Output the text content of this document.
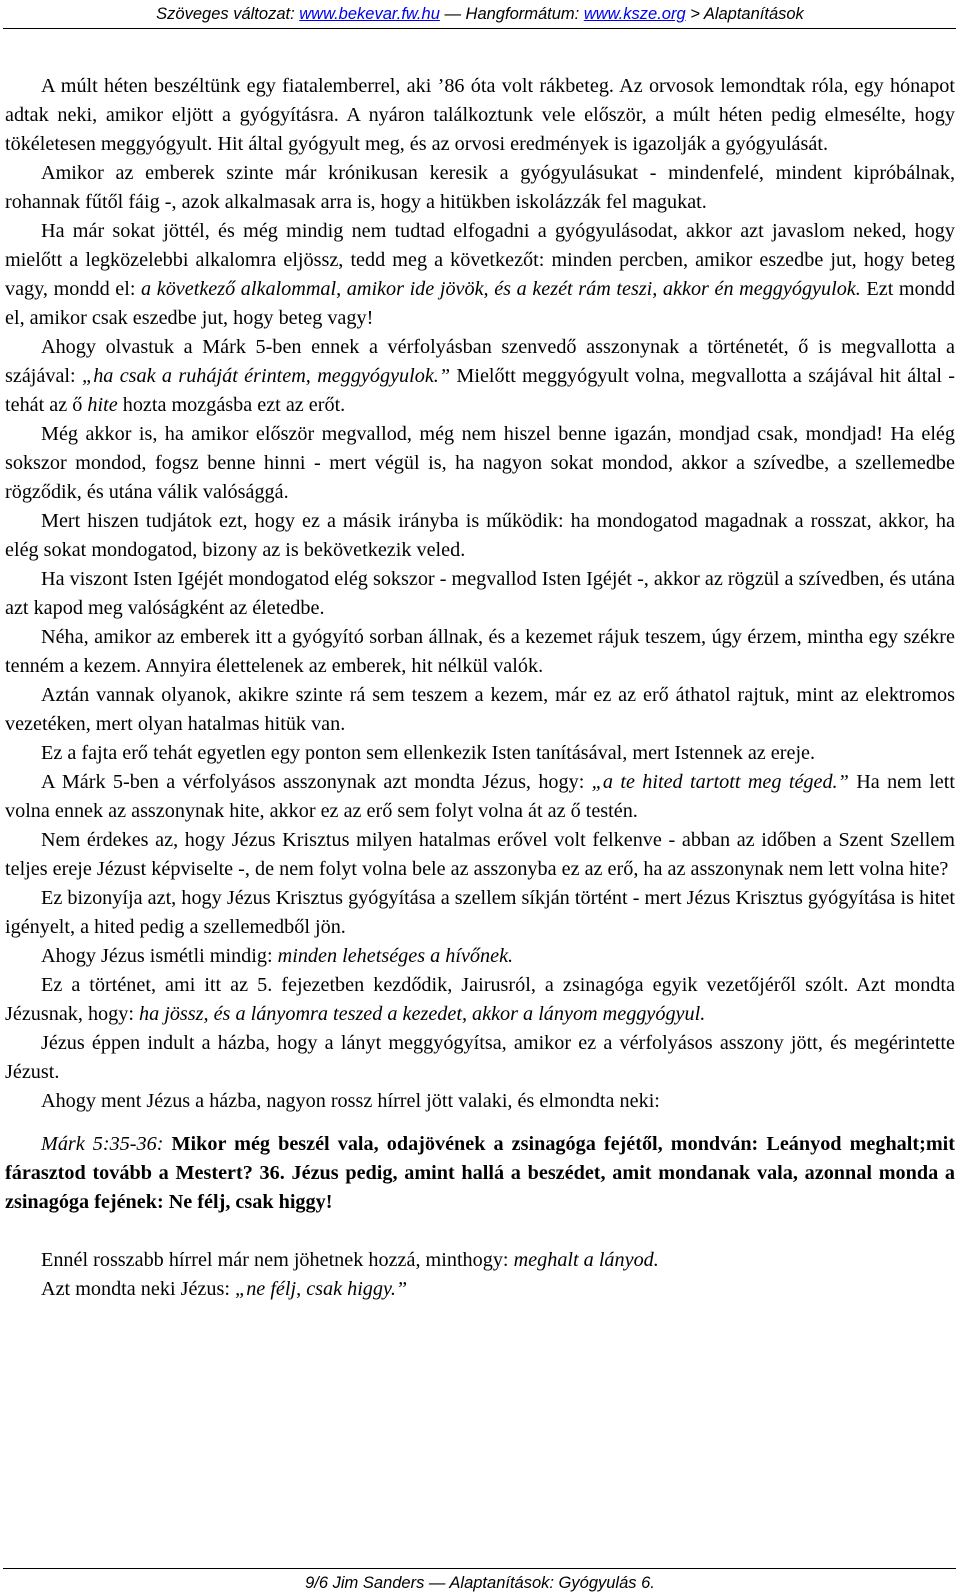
Szöveges változat: www.bekevar.fw.hu — Hangformátum: www.ksze.org > Alaptanítások

A múlt héten beszéltünk egy fiatalemberrel, aki ’86 óta volt rákbeteg. Az orvosok lemondtak róla, egy hónapot adtak neki, amikor eljött a gyógyításra. A nyáron találkoztunk vele először, a múlt héten pedig elmesélte, hogy tökéletesen meggyógyult. Hit által gyógyult meg, és az orvosi eredmények is igazolják a gyógyulását.

Amikor az emberek szinte már krónikusan keresik a gyógyulásukat - mindenfelé, mindent kipróbálnak, rohannak fűtől fáig -, azok alkalmasak arra is, hogy a hitükben iskolázzák fel magukat.

Ha már sokat jöttél, és még mindig nem tudtad elfogadni a gyógyulásodat, akkor azt javaslom neked, hogy mielőtt a legközelebbi alkalomra eljössz, tedd meg a következőt: minden percben, amikor eszedbe jut, hogy beteg vagy, mondd el: a következő alkalommal, amikor ide jövök, és a kezét rám teszi, akkor én meggyógyulok. Ezt mondd el, amikor csak eszedbe jut, hogy beteg vagy!

Ahogy olvastuk a Márk 5-ben ennek a vérfolyásban szenvedő asszonynak a történetét, ő is megvallotta a szájával: „ha csak a ruháját érintem, meggyógyulok.” Mielőtt meggyógyult volna, megvallotta a szájával hit által - tehát az ő hite hozta mozgásba ezt az erőt.

Még akkor is, ha amikor először megvallod, még nem hiszel benne igazán, mondjad csak, mondjad! Ha elég sokszor mondod, fogsz benne hinni - mert végül is, ha nagyon sokat mondod, akkor a szívedbe, a szellemedbe rögződik, és utána válik valósággá.

Mert hiszen tudjátok ezt, hogy ez a másik irányba is működik: ha mondogatod magadnak a rosszat, akkor, ha elég sokat mondogatod, bizony az is bekövetkezik veled.

Ha viszont Isten Igéjét mondogatod elég sokszor - megvallod Isten Igéjét -, akkor az rögzül a szívedben, és utána azt kapod meg valóságként az életedbe.

Néha, amikor az emberek itt a gyógyító sorban állnak, és a kezemet rájuk teszem, úgy érzem, mintha egy székre tenném a kezem. Annyira élettelenek az emberek, hit nélkül valók.

Aztán vannak olyanok, akikre szinte rá sem teszem a kezem, már ez az erő áthatol rajtuk, mint az elektromos vezetéken, mert olyan hatalmas hitük van.

Ez a fajta erő tehát egyetlen egy ponton sem ellenkezik Isten tanításával, mert Istennek az ereje.

A Márk 5-ben a vérfolyásos asszonynak azt mondta Jézus, hogy: „a te hited tartott meg téged.” Ha nem lett volna ennek az asszonynak hite, akkor ez az erő sem folyt volna át az ő testén.

Nem érdekes az, hogy Jézus Krisztus milyen hatalmas erővel volt felkenve - abban az időben a Szent Szellem teljes ereje Jézust képviselte -, de nem folyt volna bele az asszonyba ez az erő, ha az asszonynak nem lett volna hite?

Ez bizonyíja azt, hogy Jézus Krisztus gyógyítása a szellem síkján történt - mert Jézus Krisztus gyógyítása is hitet igényelt, a hited pedig a szellemedből jön.

Ahogy Jézus ismétli mindig: minden lehetséges a hívőnek.

Ez a történet, ami itt az 5. fejezetben kezdődik, Jairusról, a zsinagóga egyik vezetőjéről szólt. Azt mondta Jézusnak, hogy: ha jössz, és a lányomra teszed a kezedet, akkor a lányom meggyógyul.

Jézus éppen indult a házba, hogy a lányt meggyógyítsa, amikor ez a vérfolyásos asszony jött, és megérintette Jézust.

Ahogy ment Jézus a házba, nagyon rossz hírrel jött valaki, és elmondta neki:

Márk 5:35-36: Mikor még beszél vala, odajövének a zsinagóga fejétől, mondván: Leányod meghalt;mit fárasztod tovább a Mestert? 36. Jézus pedig, amint hallá a beszédet, amit mondanak vala, azonnal monda a zsinagóga fejének: Ne félj, csak higgy!

Ennél rosszabb hírrel már nem jöhetnek hozzá, minthogy: meghalt a lányod.

Azt mondta neki Jézus: „ne félj, csak higgy.”

9/6 Jim Sanders — Alaptanítások: Gyógyulás 6.
